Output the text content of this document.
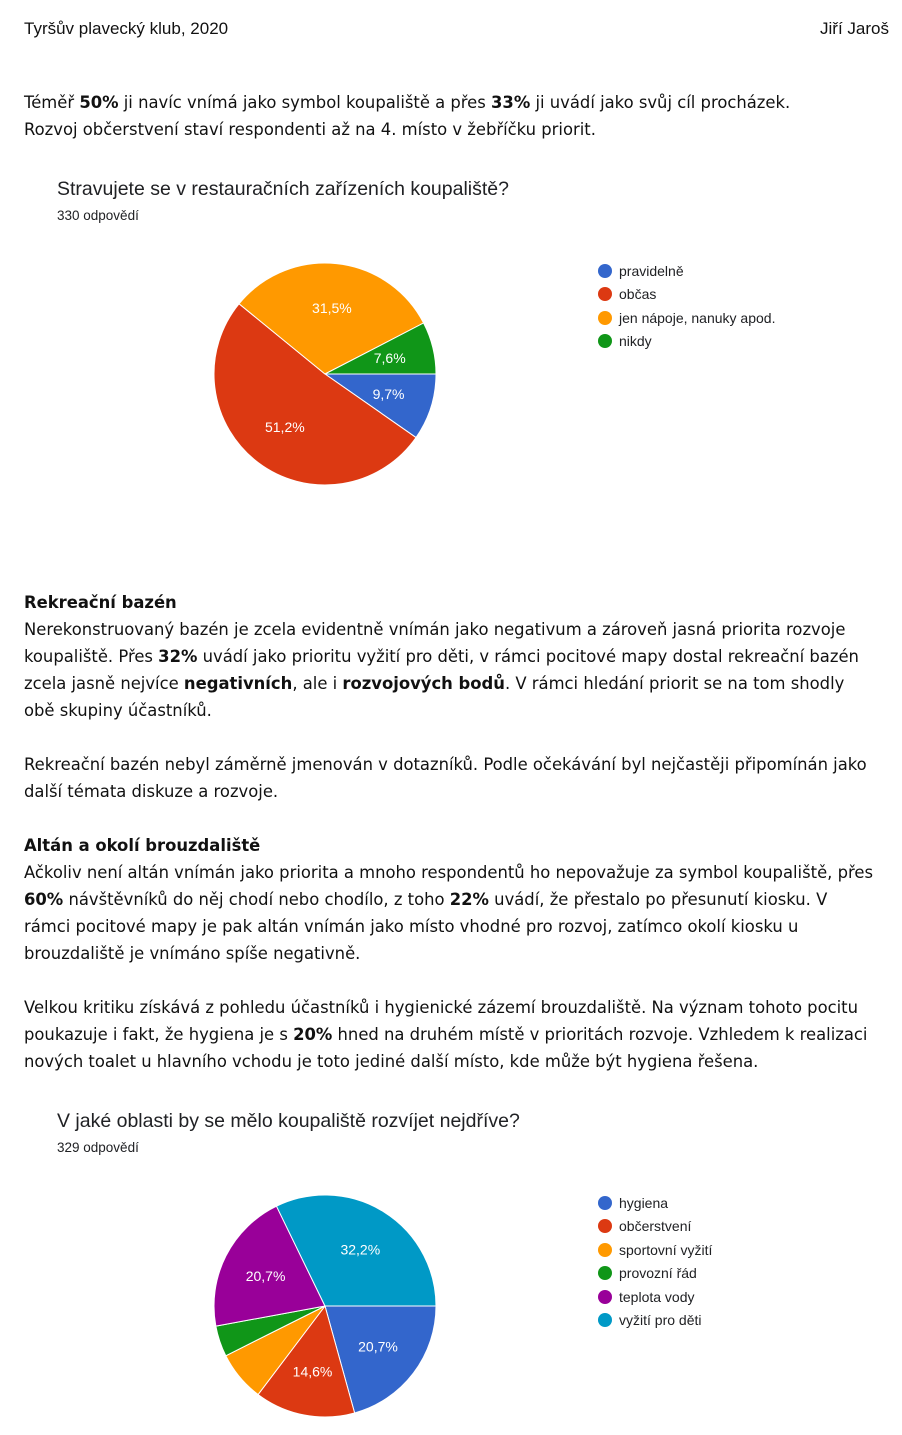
Tyršův plavecký klub, 2020	Jiří Jaroš

Téměř 50% ji navíc vnímá jako symbol koupaliště a přes 33% ji uvádí jako svůj cíl procházek.

Rozvoj občerstvení staví respondenti až na 4. místo v žebříčku priorit.

Stravujete se v restauračních zařízeních koupaliště?
330 odpovědí
9,7%
51,2%
31,5%
7,6%
pravidelně
občas
jen nápoje, nanuky apod.
nikdy

Rekreační bazén

Nerekonstruovaný bazén je zcela evidentně vnímán jako negativum a zároveň jasná priorita rozvoje koupaliště. Přes 32% uvádí jako prioritu vyžití pro děti, v rámci pocitové mapy dostal rekreační bazén zcela jasně nejvíce negativních, ale i rozvojových bodů. V rámci hledání priorit se na tom shodly obě skupiny účastníků.

Rekreační bazén nebyl záměrně jmenován v dotazníků. Podle očekávání byl nejčastěji připomínán jako další témata diskuze a rozvoje.

Altán a okolí brouzdaliště

Ačkoliv není altán vnímán jako priorita a mnoho respondentů ho nepovažuje za symbol koupaliště, přes 60% návštěvníků do něj chodí nebo chodílo, z toho 22% uvádí, že přestalo po přesunutí kiosku. V rámci pocitové mapy je pak altán vnímán jako místo vhodné pro rozvoj, zatímco okolí kiosku u brouzdaliště je vnímáno spíše negativně.

Velkou kritiku získává z pohledu účastníků i hygienické zázemí brouzdaliště. Na význam tohoto pocitu poukazuje i fakt, že hygiena je s 20% hned na druhém místě v prioritách rozvoje. Vzhledem k realizaci nových toalet u hlavního vchodu je toto jediné další místo, kde může být hygiena řešena.

V jaké oblasti by se mělo koupaliště rozvíjet nejdříve?
329 odpovědí
20,7%
14,6%
20,7%
32,2%
hygiena
občerstvení
sportovní vyžití
provozní řád
teplota vody
vyžití pro děti
